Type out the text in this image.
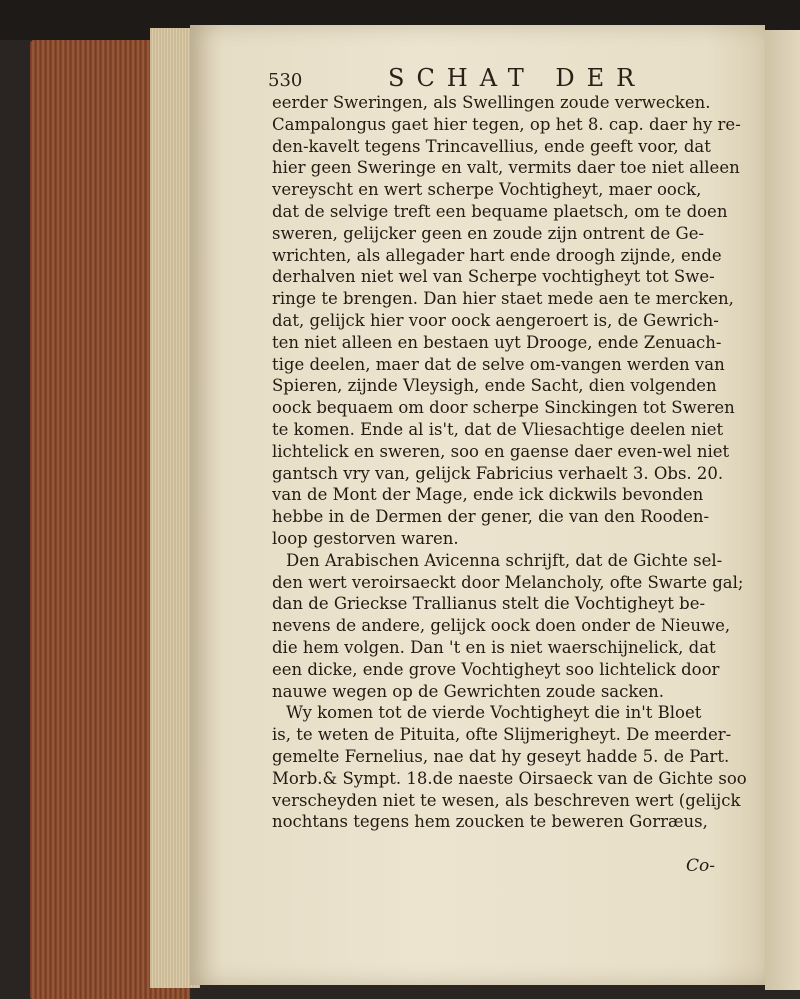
530	SCHAT DER
eerder Sweringen, als Swellingen zoude verwecken.
Campalongus gaet hier tegen, op het 8. cap. daer hy re-
den-kavelt tegens Trincavellius, ende geeft voor, dat
hier geen Sweringe en valt, vermits daer toe niet alleen
vereyscht en wert scherpe Vochtigheyt, maer oock,
dat de selvige treft een bequame plaetsch, om te doen
sweren, gelijcker geen en zoude zijn ontrent de Ge-
wrichten, als allegader hart ende droogh zijnde, ende
derhalven niet wel van Scherpe vochtigheyt tot Swe-
ringe te brengen. Dan hier staet mede aen te mercken,
dat, gelijck hier voor oock aengeroert is, de Gewrich-
ten niet alleen en bestaen uyt Drooge, ende Zenuach-
tige deelen, maer dat de selve om-vangen werden van
Spieren, zijnde Vleysigh, ende Sacht, dien volgenden
oock bequaem om door scherpe Sinckingen tot Sweren
te komen. Ende al is't, dat de Vliesachtige deelen niet
lichtelick en sweren, soo en gaense daer even-wel niet
gantsch vry van, gelijck Fabricius verhaelt 3. Obs. 20.
van de Mont der Mage, ende ick dickwils bevonden
hebbe in de Dermen der gener, die van den Rooden-
loop gestorven waren.
Den Arabischen Avicenna schrijft, dat de Gichte sel-
den wert veroirsaeckt door Melancholy, ofte Swarte gal;
dan de Grieckse Trallianus stelt die Vochtigheyt be-
nevens de andere, gelijck oock doen onder de Nieuwe,
die hem volgen. Dan 't en is niet waerschijnelick, dat
een dicke, ende grove Vochtigheyt soo lichtelick door
nauwe wegen op de Gewrichten zoude sacken.
Wy komen tot de vierde Vochtigheyt die in't Bloet
is, te weten de Pituita, ofte Slijmerigheyt. De meerder-
gemelte Fernelius, nae dat hy geseyt hadde 5. de Part.
Morb.& Sympt. 18.de naeste Oirsaeck van de Gichte soo
verscheyden niet te wesen, als beschreven wert (gelijck
nochtans tegens hem zoucken te beweren Gorræus,
Co-
